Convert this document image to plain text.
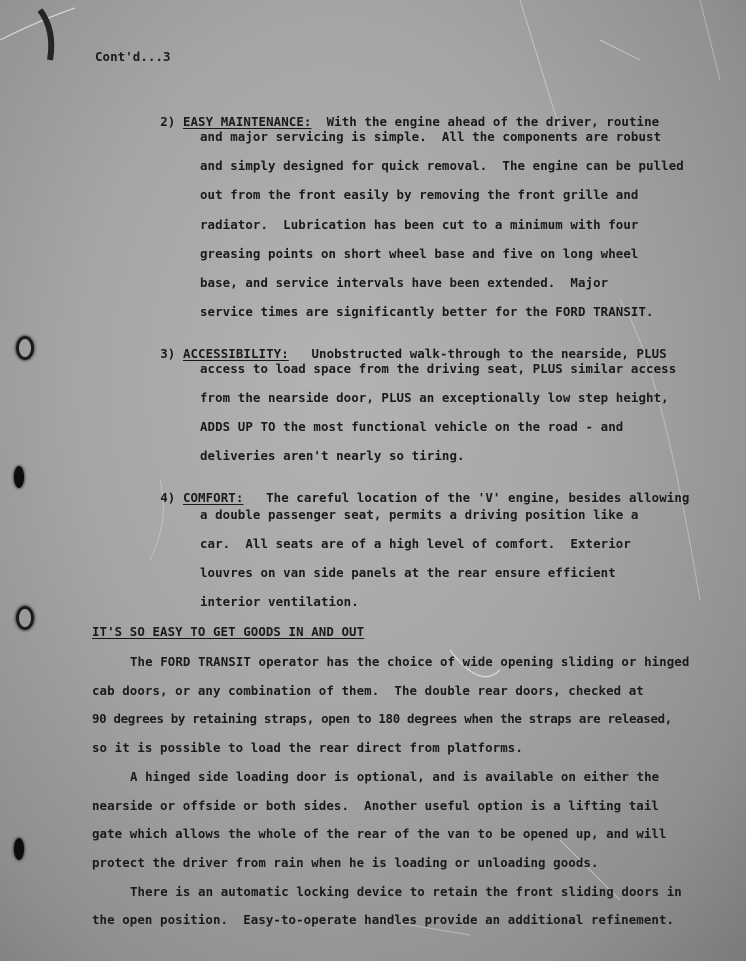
Cont'd...3

2) EASY MAINTENANCE: With the engine ahead of the driver, routine

and major servicing is simple.  All the components are robust
and simply designed for quick removal.  The engine can be pulled
out from the front easily by removing the front grille and
radiator.  Lubrication has been cut to a minimum with four
greasing points on short wheel base and five on long wheel
base, and service intervals have been extended.  Major
service times are significantly better for the FORD TRANSIT.

3) ACCESSIBILITY: Unobstructed walk-through to the nearside, PLUS

access to load space from the driving seat, PLUS similar access
from the nearside door, PLUS an exceptionally low step height,
ADDS UP TO the most functional vehicle on the road - and
deliveries aren't nearly so tiring.

4) COMFORT: The careful location of the 'V' engine, besides allowing

a double passenger seat, permits a driving position like a
car.  All seats are of a high level of comfort.  Exterior
louvres on van side panels at the rear ensure efficient
interior ventilation.
IT'S SO EASY TO GET GOODS IN AND OUT
The FORD TRANSIT operator has the choice of wide opening sliding or hinged
cab doors, or any combination of them.  The double rear doors, checked at
90 degrees by retaining straps, open to 180 degrees when the straps are released,
so it is possible to load the rear direct from platforms.
A hinged side loading door is optional, and is available on either the
nearside or offside or both sides.  Another useful option is a lifting tail
gate which allows the whole of the rear of the van to be opened up, and will
protect the driver from rain when he is loading or unloading goods.
There is an automatic locking device to retain the front sliding doors in
the open position.  Easy-to-operate handles provide an additional refinement.
